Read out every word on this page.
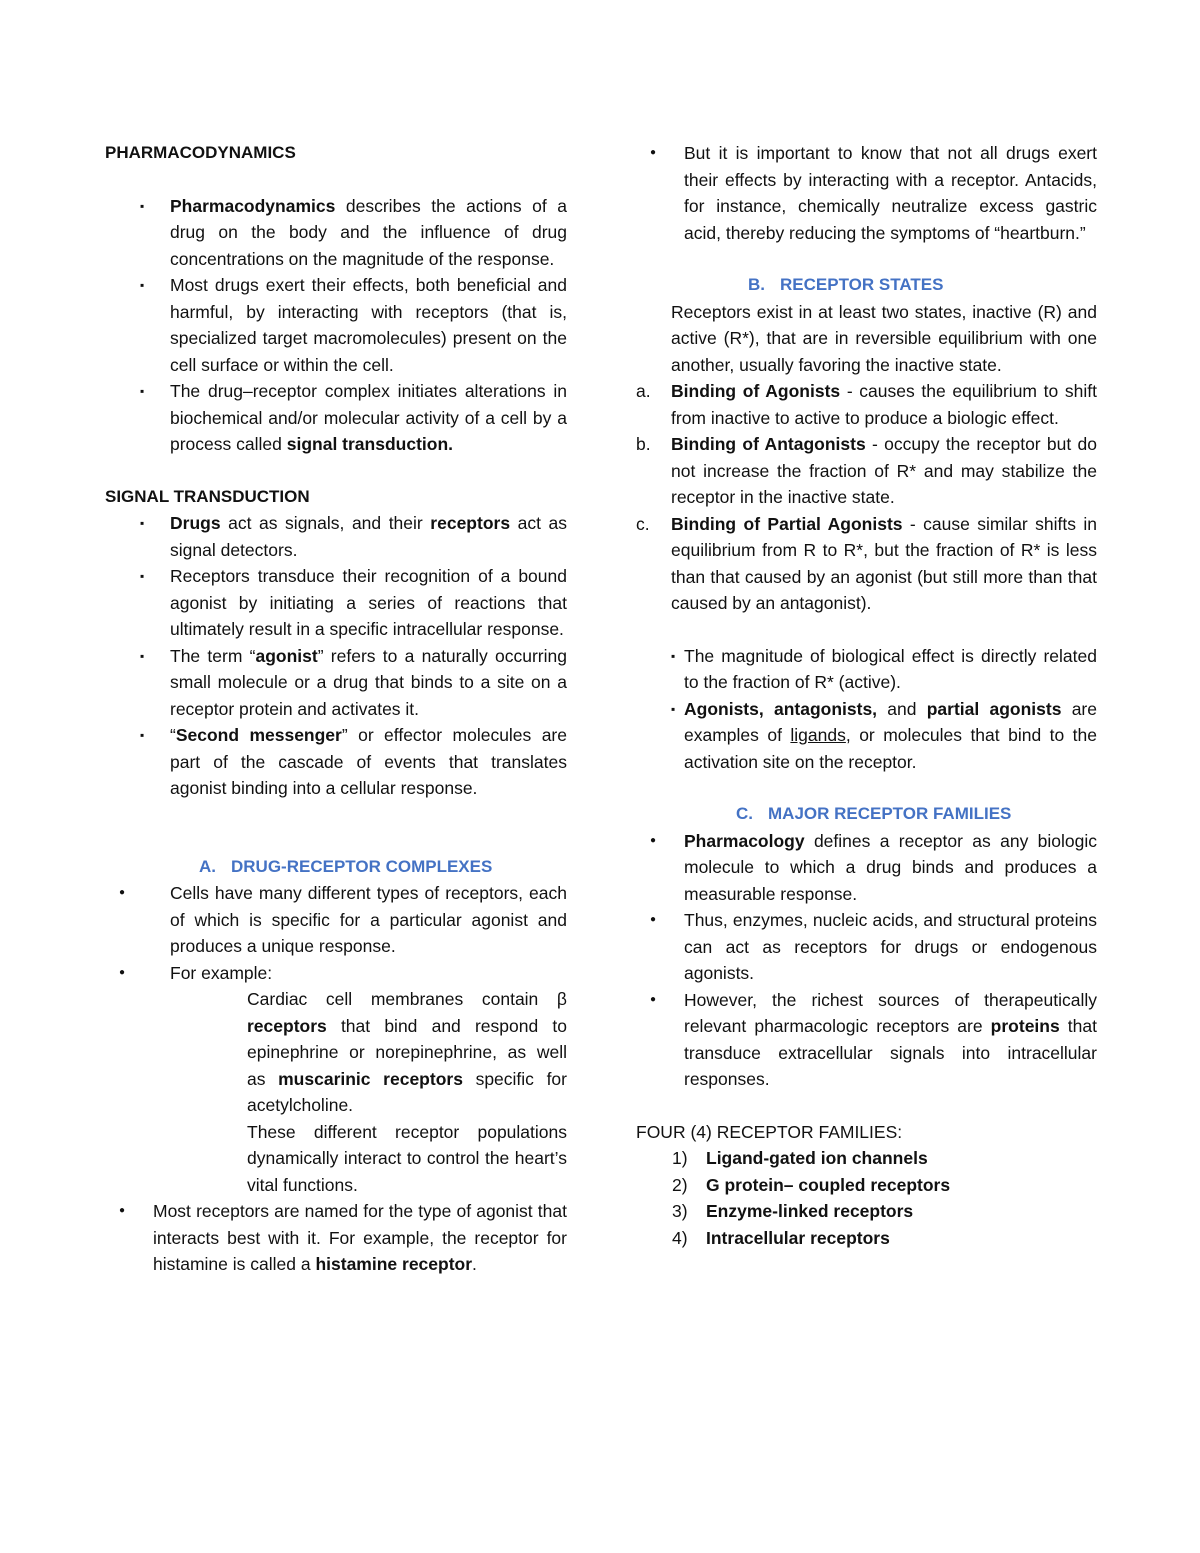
PHARMACODYNAMICS
▪ Pharmacodynamics describes the actions of a drug on the body and the influence of drug concentrations on the magnitude of the response.
▪ Most drugs exert their effects, both beneficial and harmful, by interacting with receptors (that is, specialized target macromolecules) present on the cell surface or within the cell.
▪ The drug–receptor complex initiates alterations in biochemical and/or molecular activity of a cell by a process called signal transduction.
SIGNAL TRANSDUCTION
▪ Drugs act as signals, and their receptors act as signal detectors.
▪ Receptors transduce their recognition of a bound agonist by initiating a series of reactions that ultimately result in a specific intracellular response.
▪ The term “agonist” refers to a naturally occurring small molecule or a drug that binds to a site on a receptor protein and activates it.
▪ “Second messenger” or effector molecules are part of the cascade of events that translates agonist binding into a cellular response.
A. DRUG-RECEPTOR COMPLEXES
● Cells have many different types of receptors, each of which is specific for a particular agonist and produces a unique response.
● For example:
Cardiac cell membranes contain β receptors that bind and respond to epinephrine or norepinephrine, as well as muscarinic receptors specific for acetylcholine.
These different receptor populations dynamically interact to control the heart’s vital functions.
● Most receptors are named for the type of agonist that interacts best with it. For example, the receptor for histamine is called a histamine receptor.
● But it is important to know that not all drugs exert their effects by interacting with a receptor. Antacids, for instance, chemically neutralize excess gastric acid, thereby reducing the symptoms of “heartburn.”
B. RECEPTOR STATES
Receptors exist in at least two states, inactive (R) and active (R*), that are in reversible equilibrium with one another, usually favoring the inactive state.
a. Binding of Agonists - causes the equilibrium to shift from inactive to active to produce a biologic effect.
b. Binding of Antagonists - occupy the receptor but do not increase the fraction of R* and may stabilize the receptor in the inactive state.
c. Binding of Partial Agonists - cause similar shifts in equilibrium from R to R*, but the fraction of R* is less than that caused by an agonist (but still more than that caused by an antagonist).
▪ The magnitude of biological effect is directly related to the fraction of R* (active).
▪ Agonists, antagonists, and partial agonists are examples of ligands, or molecules that bind to the activation site on the receptor.
C. MAJOR RECEPTOR FAMILIES
● Pharmacology defines a receptor as any biologic molecule to which a drug binds and produces a measurable response.
● Thus, enzymes, nucleic acids, and structural proteins can act as receptors for drugs or endogenous agonists.
● However, the richest sources of therapeutically relevant pharmacologic receptors are proteins that transduce extracellular signals into intracellular responses.
FOUR (4) RECEPTOR FAMILIES:
1) Ligand-gated ion channels
2) G protein– coupled receptors
3) Enzyme-linked receptors
4) Intracellular receptors
